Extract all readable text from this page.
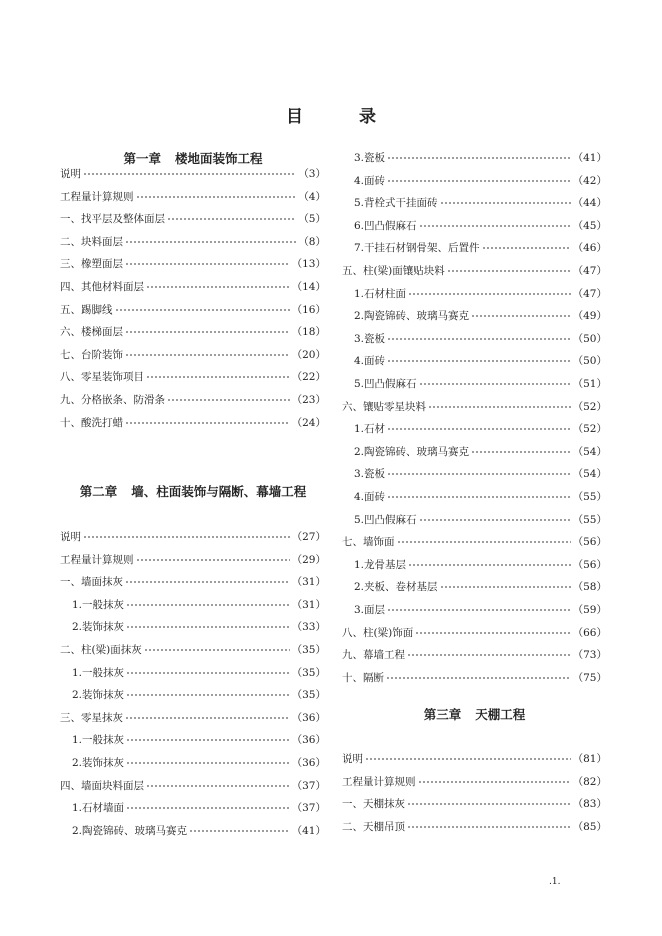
目	录
第一章 楼地面装饰工程
说明	（3）
工程量计算规则	（4）
一、找平层及整体面层	（5）
二、块料面层	（8）
三、橡塑面层	（13）
四、其他材料面层	（14）
五、踢脚线	（16）
六、楼梯面层	（18）
七、台阶装饰	（20）
八、零星装饰项目	（22）
九、分格嵌条、防滑条	（23）
十、酸洗打蜡	（24）
第二章 墙、柱面装饰与隔断、幕墙工程
说明	（27）
工程量计算规则	（29）
一、墙面抹灰	（31）
1.一般抹灰	（31）
2.装饰抹灰	（33）
二、柱(梁)面抹灰	（35）
1.一般抹灰	（35）
2.装饰抹灰	（35）
三、零星抹灰	（36）
1.一般抹灰	（36）
2.装饰抹灰	（36）
四、墙面块料面层	（37）
1.石材墙面	（37）
2.陶瓷锦砖、玻璃马赛克	（41）
3.瓷板	（41）
4.面砖	（42）
5.背栓式干挂面砖	（44）
6.凹凸假麻石	（45）
7.干挂石材钢骨架、后置件	（46）
五、柱(梁)面镶贴块料	（47）
1.石材柱面	（47）
2.陶瓷锦砖、玻璃马赛克	（49）
3.瓷板	（50）
4.面砖	（50）
5.凹凸假麻石	（51）
六、镶贴零星块料	（52）
1.石材	（52）
2.陶瓷锦砖、玻璃马赛克	（54）
3.瓷板	（54）
4.面砖	（55）
5.凹凸假麻石	（55）
七、墙饰面	（56）
1.龙骨基层	（56）
2.夹板、卷材基层	（58）
3.面层	（59）
八、柱(梁)饰面	（66）
九、幕墙工程	（73）
十、隔断	（75）
第三章 天棚工程
说明	（81）
工程量计算规则	（82）
一、天棚抹灰	（83）
二、天棚吊顶	（85）
.1.
